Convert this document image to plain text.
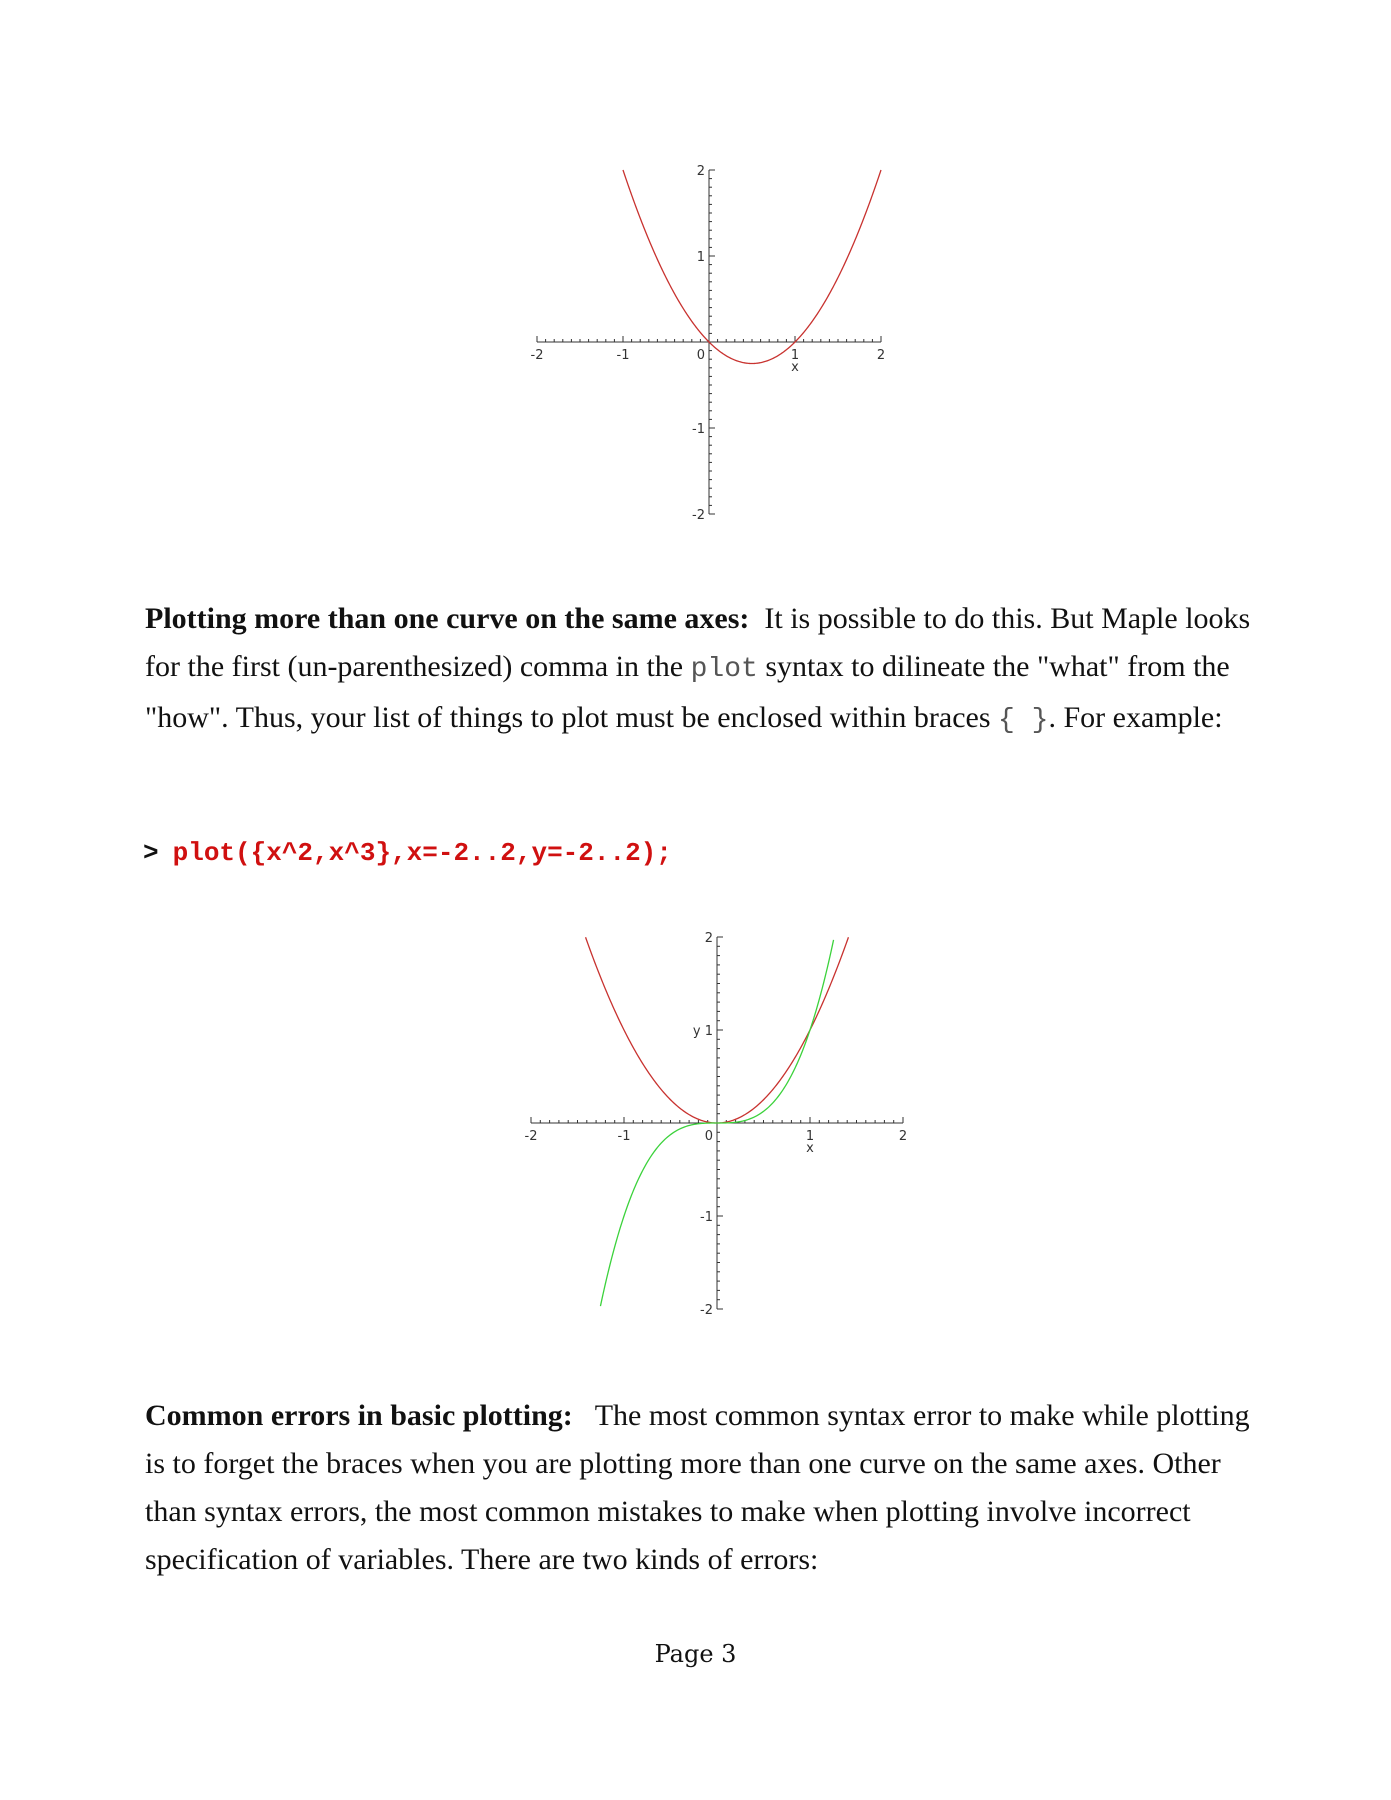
-2	-1	0	1	2
x
2
1
-1
-2
-2	-1	0	1	2
x
2
y 1
-1
-2
Plotting more than one curve on the same axes: It is possible to do this. But Maple looks for the first (un-parenthesized) comma in the plot syntax to dilineate the "what" from the "how". Thus, your list of things to plot must be enclosed within braces { }. For example:
> plot({x^2,x^3},x=-2..2,y=-2..2);
Common errors in basic plotting: The most common syntax error to make while plotting is to forget the braces when you are plotting more than one curve on the same axes. Other than syntax errors, the most common mistakes to make when plotting involve incorrect specification of variables. There are two kinds of errors:
Page 3
